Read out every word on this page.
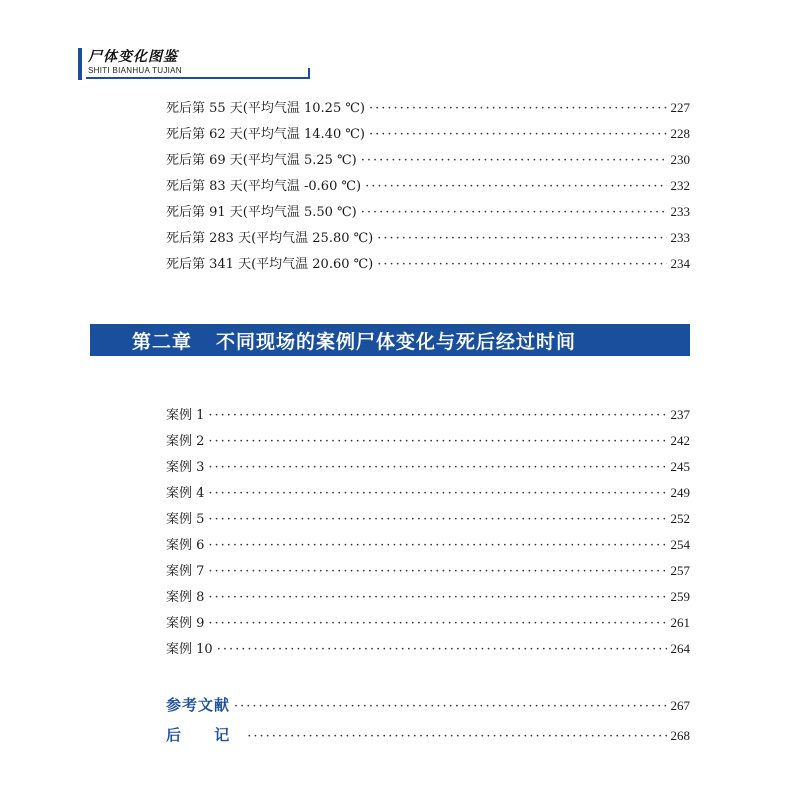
尸体变化图鉴
SHITI BIANHUA TUJIAN
死后第 55 天(平均气温 10.25 ℃) ·····	227
死后第 62 天(平均气温 14.40 ℃) ·····	228
死后第 69 天(平均气温 5.25 ℃) ·····	230
死后第 83 天(平均气温 -0.60 ℃) ·····	232
死后第 91 天(平均气温 5.50 ℃) ·····	233
死后第 283 天(平均气温 25.80 ℃) ·····	233
死后第 341 天(平均气温 20.60 ℃) ·····	234
第二章 不同现场的案例尸体变化与死后经过时间
案例 1 ·····	237
案例 2 ·····	242
案例 3 ·····	245
案例 4 ·····	249
案例 5 ·····	252
案例 6 ·····	254
案例 7 ·····	257
案例 8 ·····	259
案例 9 ·····	261
案例 10 ·····	264
参考文献 ·····	267
后 记 ·····	268
